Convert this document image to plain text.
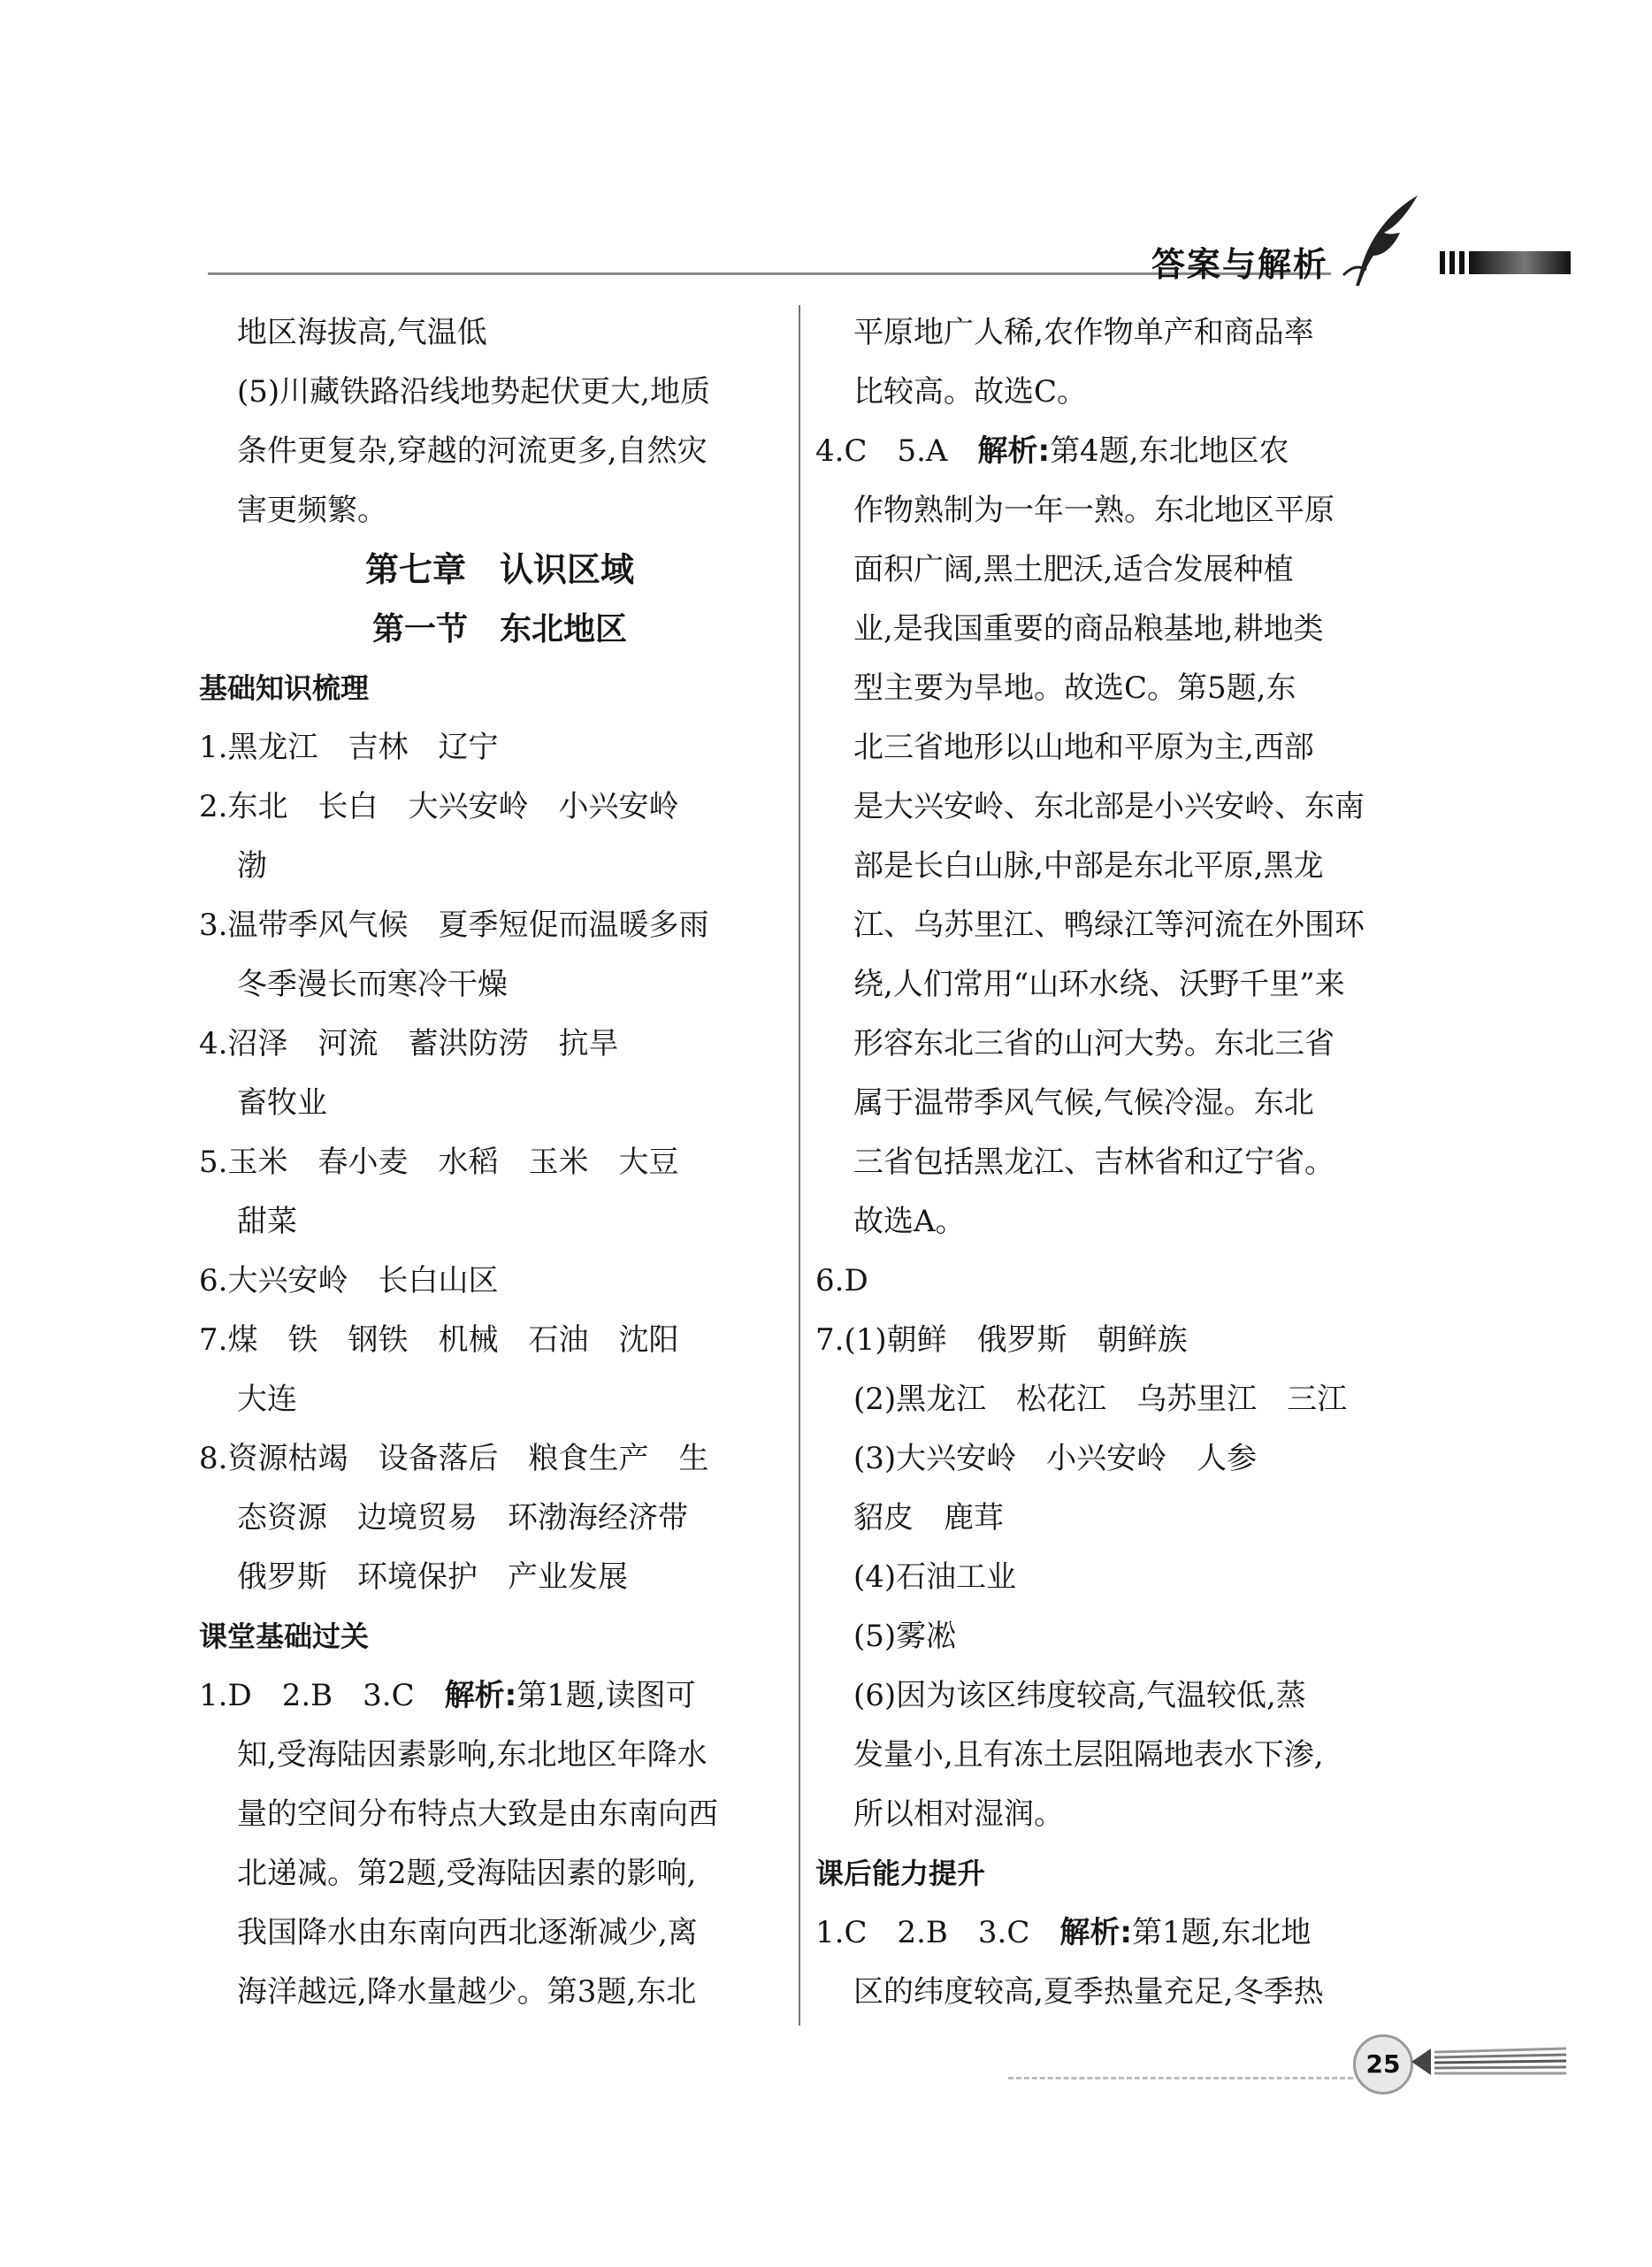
答案与解析

地区海拔高,气温低

(5)川藏铁路沿线地势起伏更大,地质

条件更复杂,穿越的河流更多,自然灾

害更频繁。

第七章　认识区域

第一节　东北地区

基础知识梳理

1.黑龙江　吉林　辽宁

2.东北　长白　大兴安岭　小兴安岭

渤

3.温带季风气候　夏季短促而温暖多雨

冬季漫长而寒冷干燥

4.沼泽　河流　蓄洪防涝　抗旱

畜牧业

5.玉米　春小麦　水稻　玉米　大豆

甜菜

6.大兴安岭　长白山区

7.煤　铁　钢铁　机械　石油　沈阳

大连

8.资源枯竭　设备落后　粮食生产　生

态资源　边境贸易　环渤海经济带

俄罗斯　环境保护　产业发展

课堂基础过关

1.D　2.B　3.C　解析:第1题,读图可

知,受海陆因素影响,东北地区年降水

量的空间分布特点大致是由东南向西

北递减。第2题,受海陆因素的影响,

我国降水由东南向西北逐渐减少,离

海洋越远,降水量越少。第3题,东北

平原地广人稀,农作物单产和商品率

比较高。故选C。

4.C　5.A　解析:第4题,东北地区农

作物熟制为一年一熟。东北地区平原

面积广阔,黑土肥沃,适合发展种植

业,是我国重要的商品粮基地,耕地类

型主要为旱地。故选C。第5题,东

北三省地形以山地和平原为主,西部

是大兴安岭、东北部是小兴安岭、东南

部是长白山脉,中部是东北平原,黑龙

江、乌苏里江、鸭绿江等河流在外围环

绕,人们常用“山环水绕、沃野千里”来

形容东北三省的山河大势。东北三省

属于温带季风气候,气候冷湿。东北

三省包括黑龙江、吉林省和辽宁省。

故选A。

6.D

7.(1)朝鲜　俄罗斯　朝鲜族

(2)黑龙江　松花江　乌苏里江　三江

(3)大兴安岭　小兴安岭　人参

貂皮　鹿茸

(4)石油工业

(5)雾凇

(6)因为该区纬度较高,气温较低,蒸

发量小,且有冻土层阻隔地表水下渗,

所以相对湿润。

课后能力提升

1.C　2.B　3.C　解析:第1题,东北地

区的纬度较高,夏季热量充足,冬季热

25
